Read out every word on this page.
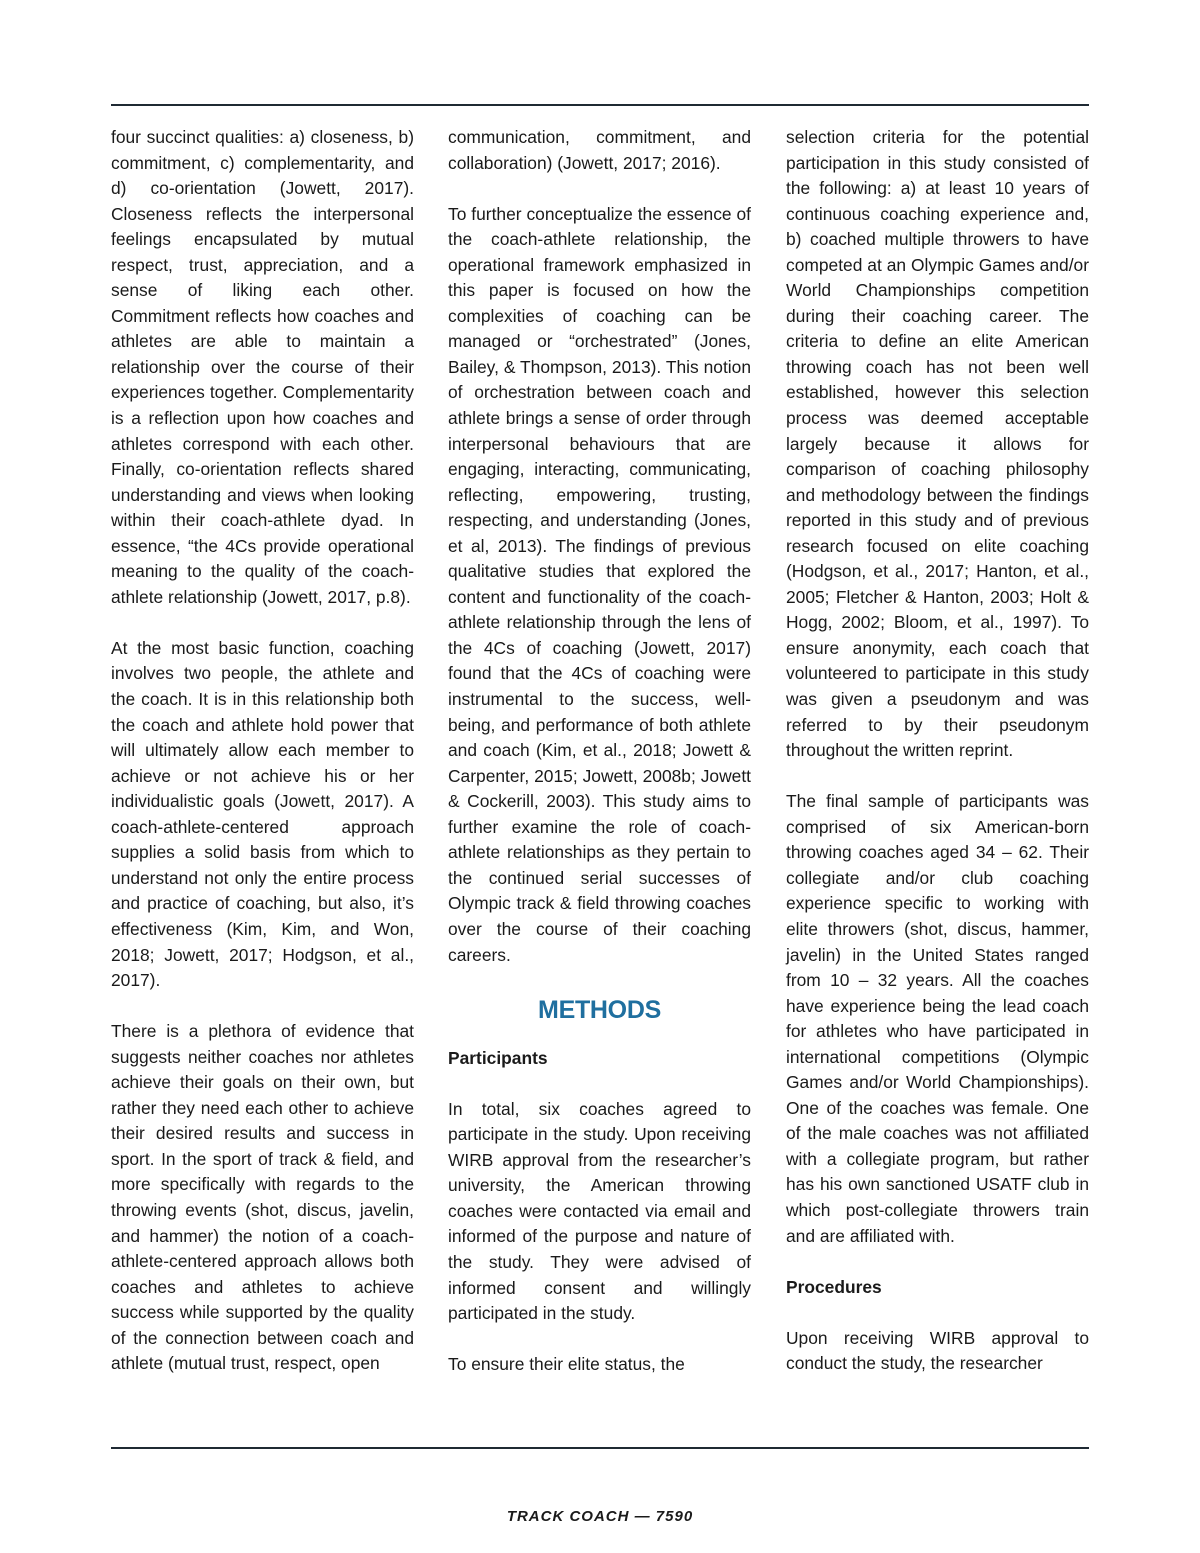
four succinct qualities: a) closeness, b) commitment, c) complementarity, and d) co-orientation (Jowett, 2017). Closeness reflects the interpersonal feelings encapsulated by mutual respect, trust, appreciation, and a sense of liking each other. Commitment reflects how coaches and athletes are able to maintain a relationship over the course of their experiences together. Complementarity is a reflection upon how coaches and athletes correspond with each other. Finally, co-orientation reflects shared understanding and views when looking within their coach-athlete dyad. In essence, “the 4Cs provide operational meaning to the quality of the coach-athlete relationship (Jowett, 2017, p.8).

At the most basic function, coaching involves two people, the athlete and the coach. It is in this relationship both the coach and athlete hold power that will ultimately allow each member to achieve or not achieve his or her individualistic goals (Jowett, 2017). A coach-athlete-centered approach supplies a solid basis from which to understand not only the entire process and practice of coaching, but also, it’s effectiveness (Kim, Kim, and Won, 2018; Jowett, 2017; Hodgson, et al., 2017).

There is a plethora of evidence that suggests neither coaches nor athletes achieve their goals on their own, but rather they need each other to achieve their desired results and success in sport. In the sport of track & field, and more specifically with regards to the throwing events (shot, discus, javelin, and hammer) the notion of a coach-athlete-centered approach allows both coaches and athletes to achieve success while supported by the quality of the connection between coach and athlete (mutual trust, respect, open

communication, commitment, and collaboration) (Jowett, 2017; 2016).

To further conceptualize the essence of the coach-athlete relationship, the operational framework emphasized in this paper is focused on how the complexities of coaching can be managed or “orchestrated” (Jones, Bailey, & Thompson, 2013). This notion of orchestration between coach and athlete brings a sense of order through interpersonal behaviours that are engaging, interacting, communicating, reflecting, empowering, trusting, respecting, and understanding (Jones, et al, 2013). The findings of previous qualitative studies that explored the content and functionality of the coach-athlete relationship through the lens of the 4Cs of coaching (Jowett, 2017) found that the 4Cs of coaching were instrumental to the success, well-being, and performance of both athlete and coach (Kim, et al., 2018; Jowett & Carpenter, 2015; Jowett, 2008b; Jowett & Cockerill, 2003). This study aims to further examine the role of coach-athlete relationships as they pertain to the continued serial successes of Olympic track & field throwing coaches over the course of their coaching careers.

METHODS
Participants

In total, six coaches agreed to participate in the study. Upon receiving WIRB approval from the researcher’s university, the American throwing coaches were contacted via email and informed of the purpose and nature of the study. They were advised of informed consent and willingly participated in the study.

To ensure their elite status, the

selection criteria for the potential participation in this study consisted of the following: a) at least 10 years of continuous coaching experience and, b) coached multiple throwers to have competed at an Olympic Games and/or World Championships competition during their coaching career. The criteria to define an elite American throwing coach has not been well established, however this selection process was deemed acceptable largely because it allows for comparison of coaching philosophy and methodology between the findings reported in this study and of previous research focused on elite coaching (Hodgson, et al., 2017; Hanton, et al., 2005; Fletcher & Hanton, 2003; Holt & Hogg, 2002; Bloom, et al., 1997). To ensure anonymity, each coach that volunteered to participate in this study was given a pseudonym and was referred to by their pseudonym throughout the written reprint.

The final sample of participants was comprised of six American-born throwing coaches aged 34 – 62. Their collegiate and/or club coaching experience specific to working with elite throwers (shot, discus, hammer, javelin) in the United States ranged from 10 – 32 years. All the coaches have experience being the lead coach for athletes who have participated in international competitions (Olympic Games and/or World Championships). One of the coaches was female. One of the male coaches was not affiliated with a collegiate program, but rather has his own sanctioned USATF club in which post-collegiate throwers train and are affiliated with.

Procedures

Upon receiving WIRB approval to conduct the study, the researcher

TRACK COACH — 7590
